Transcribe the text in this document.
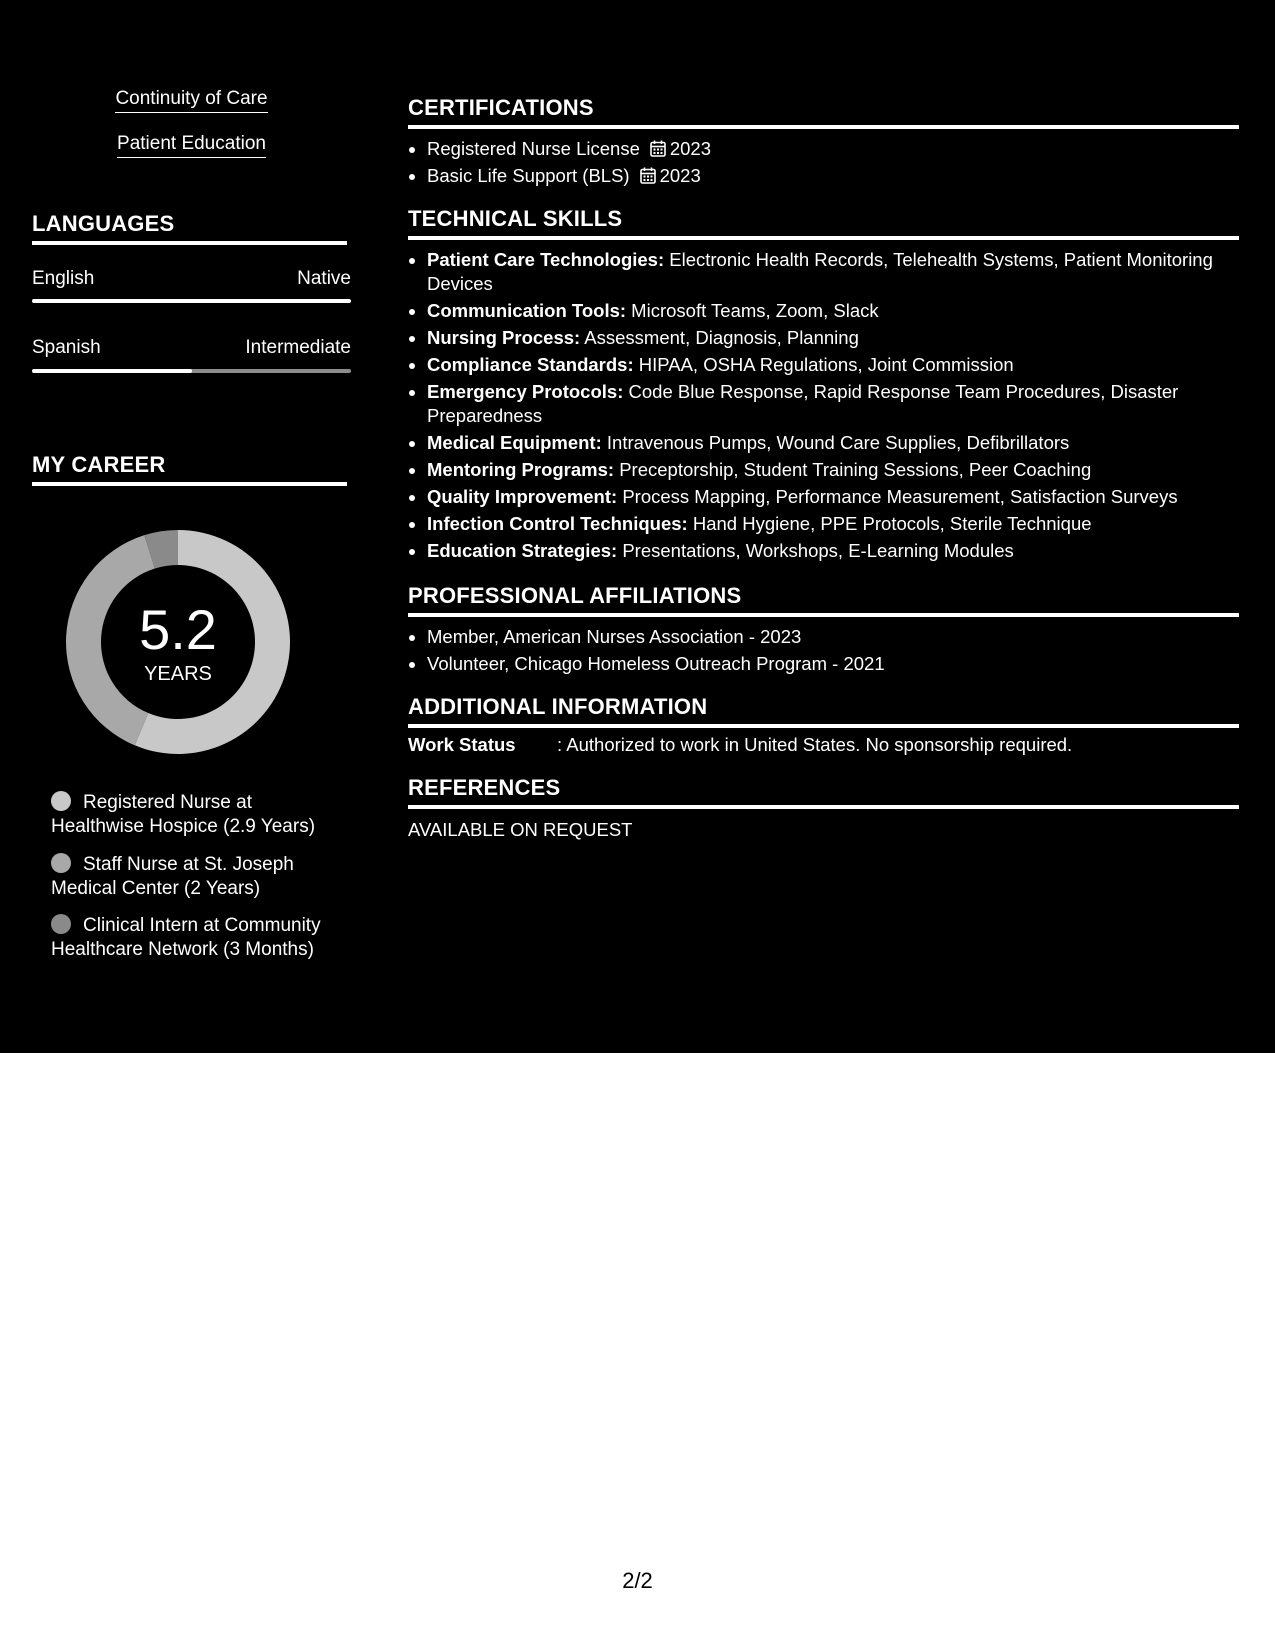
Continuity of Care
Patient Education
LANGUAGES
English	Native
Spanish	Intermediate
MY CAREER
5.2
YEARS
Registered Nurse at Healthwise Hospice (2.9 Years)
Staff Nurse at St. Joseph Medical Center (2 Years)
Clinical Intern at Community Healthcare Network (3 Months)
CERTIFICATIONS
• Registered Nurse License 2023
• Basic Life Support (BLS) 2023
TECHNICAL SKILLS
• Patient Care Technologies: Electronic Health Records, Telehealth Systems, Patient Monitoring Devices
• Communication Tools: Microsoft Teams, Zoom, Slack
• Nursing Process: Assessment, Diagnosis, Planning
• Compliance Standards: HIPAA, OSHA Regulations, Joint Commission
• Emergency Protocols: Code Blue Response, Rapid Response Team Procedures, Disaster Preparedness
• Medical Equipment: Intravenous Pumps, Wound Care Supplies, Defibrillators
• Mentoring Programs: Preceptorship, Student Training Sessions, Peer Coaching
• Quality Improvement: Process Mapping, Performance Measurement, Satisfaction Surveys
• Infection Control Techniques: Hand Hygiene, PPE Protocols, Sterile Technique
• Education Strategies: Presentations, Workshops, E-Learning Modules
PROFESSIONAL AFFILIATIONS
• Member, American Nurses Association - 2023
• Volunteer, Chicago Homeless Outreach Program - 2021
ADDITIONAL INFORMATION
Work Status : Authorized to work in United States. No sponsorship required.
REFERENCES
AVAILABLE ON REQUEST
2/2
